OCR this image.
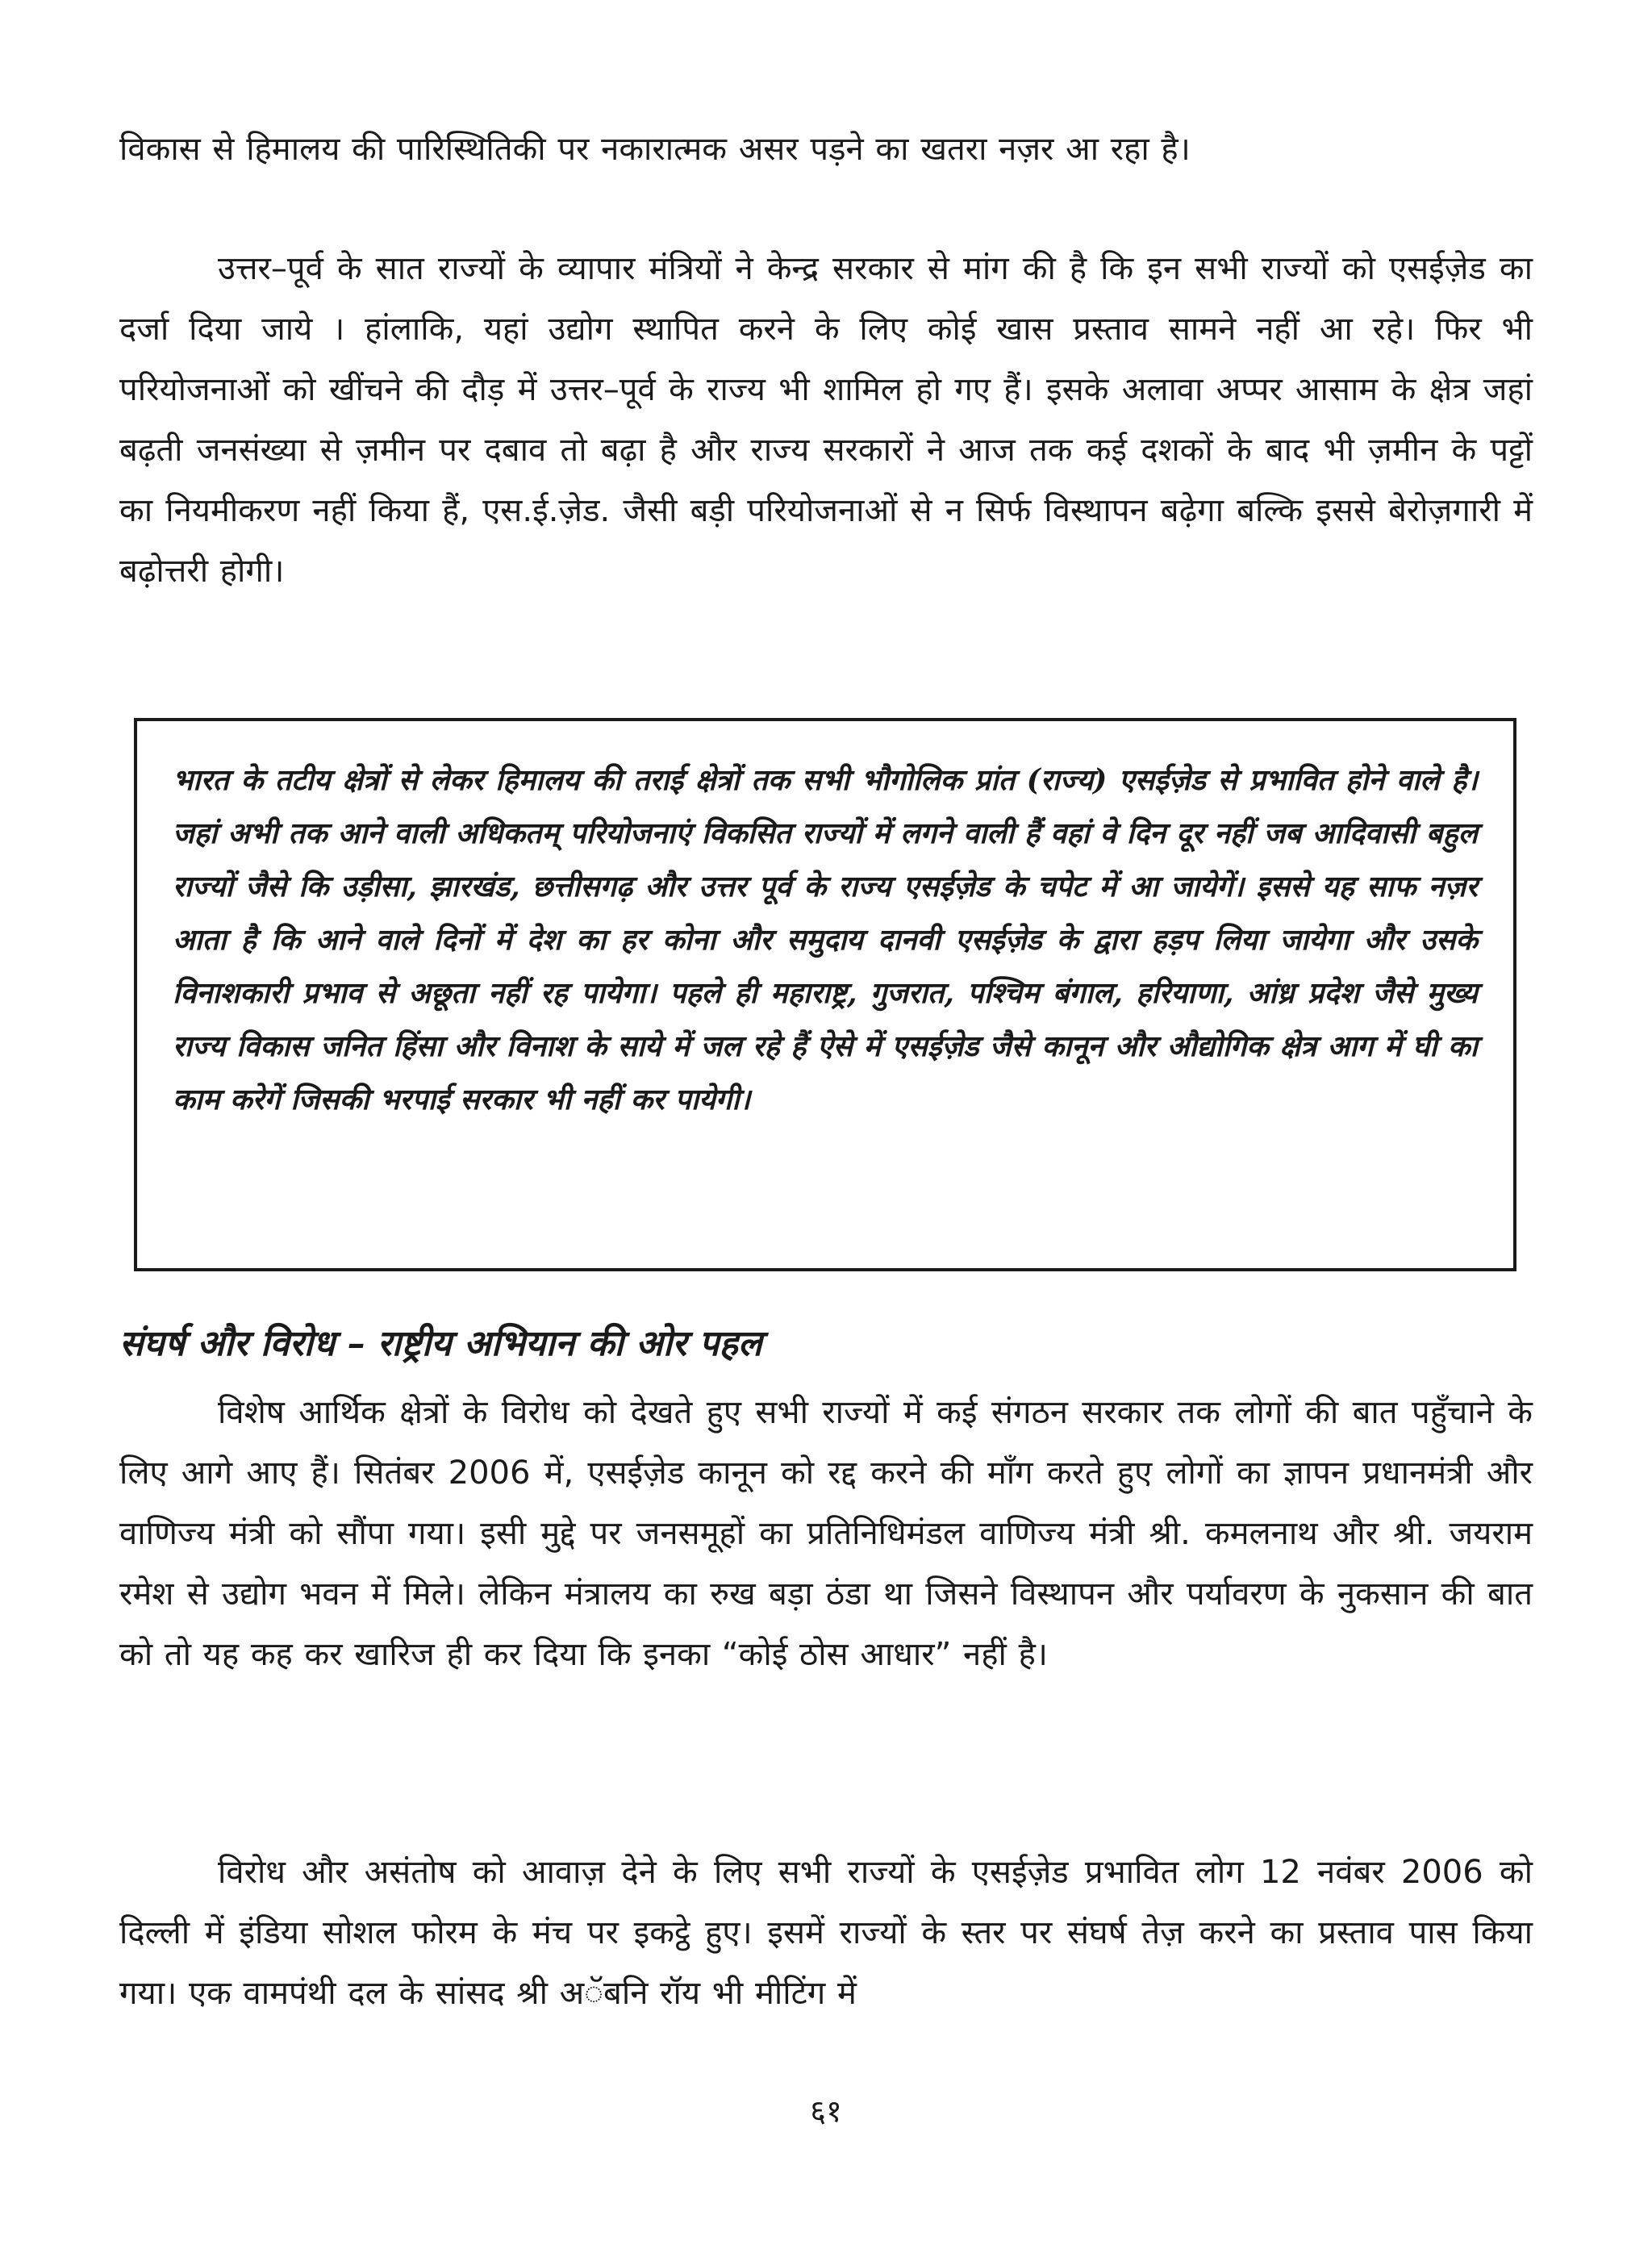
विकास से हिमालय की पारिस्थितिकी पर नकारात्मक असर पड़ने का खतरा नज़र आ रहा है।

उत्तर–पूर्व के सात राज्यों के व्यापार मंत्रियों ने केन्द्र सरकार से मांग की है कि इन सभी राज्यों को एसईज़ेड का दर्जा दिया जाये । हांलाकि, यहां उद्योग स्थापित करने के लिए कोई खास प्रस्ताव सामने नहीं आ रहे। फिर भी परियोजनाओं को खींचने की दौड़ में उत्तर–पूर्व के राज्य भी शामिल हो गए हैं। इसके अलावा अप्पर आसाम के क्षेत्र जहां बढ़ती जनसंख्या से ज़मीन पर दबाव तो बढ़ा है और राज्य सरकारों ने आज तक कई दशकों के बाद भी ज़मीन के पट्टों का नियमीकरण नहीं किया हैं, एस.ई.ज़ेड. जैसी बड़ी परियोजनाओं से न सिर्फ विस्थापन बढ़ेगा बल्कि इससे बेरोज़गारी में बढ़ोत्तरी होगी।

भारत के तटीय क्षेत्रों से लेकर हिमालय की तराई क्षेत्रों तक सभी भौगोलिक प्रांत (राज्य) एसईज़ेड से प्रभावित होने वाले है। जहां अभी तक आने वाली अधिकतम् परियोजनाएं विकसित राज्यों में लगने वाली हैं वहां वे दिन दूर नहीं जब आदिवासी बहुल राज्यों जैसे कि उड़ीसा, झारखंड, छत्तीसगढ़ और उत्तर पूर्व के राज्य एसईज़ेड के चपेट में आ जायेगें। इससे यह साफ नज़र आता है कि आने वाले दिनों में देश का हर कोना और समुदाय दानवी एसईज़ेड के द्वारा हड़प लिया जायेगा और उसके विनाशकारी प्रभाव से अछूता नहीं रह पायेगा। पहले ही महाराष्ट्र, गुजरात, पश्चिम बंगाल, हरियाणा, आंध्र प्रदेश जैसे मुख्य राज्य विकास जनित हिंसा और विनाश के साये में जल रहे हैं ऐसे में एसईज़ेड जैसे कानून और औद्योगिक क्षेत्र आग में घी का काम करेगें जिसकी भरपाई सरकार भी नहीं कर पायेगी।

संघर्ष और विरोध – राष्ट्रीय अभियान की ओर पहल

विशेष आर्थिक क्षेत्रों के विरोध को देखते हुए सभी राज्यों में कई संगठन सरकार तक लोगों की बात पहुँचाने के लिए आगे आए हैं। सितंबर 2006 में, एसईज़ेड कानून को रद्द करने की माँग करते हुए लोगों का ज्ञापन प्रधानमंत्री और वाणिज्य मंत्री को सौंपा गया। इसी मुद्दे पर जनसमूहों का प्रतिनिधिमंडल वाणिज्य मंत्री श्री. कमलनाथ और श्री. जयराम रमेश से उद्योग भवन में मिले। लेकिन मंत्रालय का रुख बड़ा ठंडा था जिसने विस्थापन और पर्यावरण के नुकसान की बात को तो यह कह कर खारिज ही कर दिया कि इनका “कोई ठोस आधार” नहीं है।

विरोध और असंतोष को आवाज़ देने के लिए सभी राज्यों के एसईज़ेड प्रभावित लोग 12 नवंबर 2006 को दिल्ली में इंडिया सोशल फोरम के मंच पर इकट्ठे हुए। इसमें राज्यों के स्तर पर संघर्ष तेज़ करने का प्रस्ताव पास किया गया। एक वामपंथी दल के सांसद श्री अॅबनि रॉय भी मीटिंग में

६१
